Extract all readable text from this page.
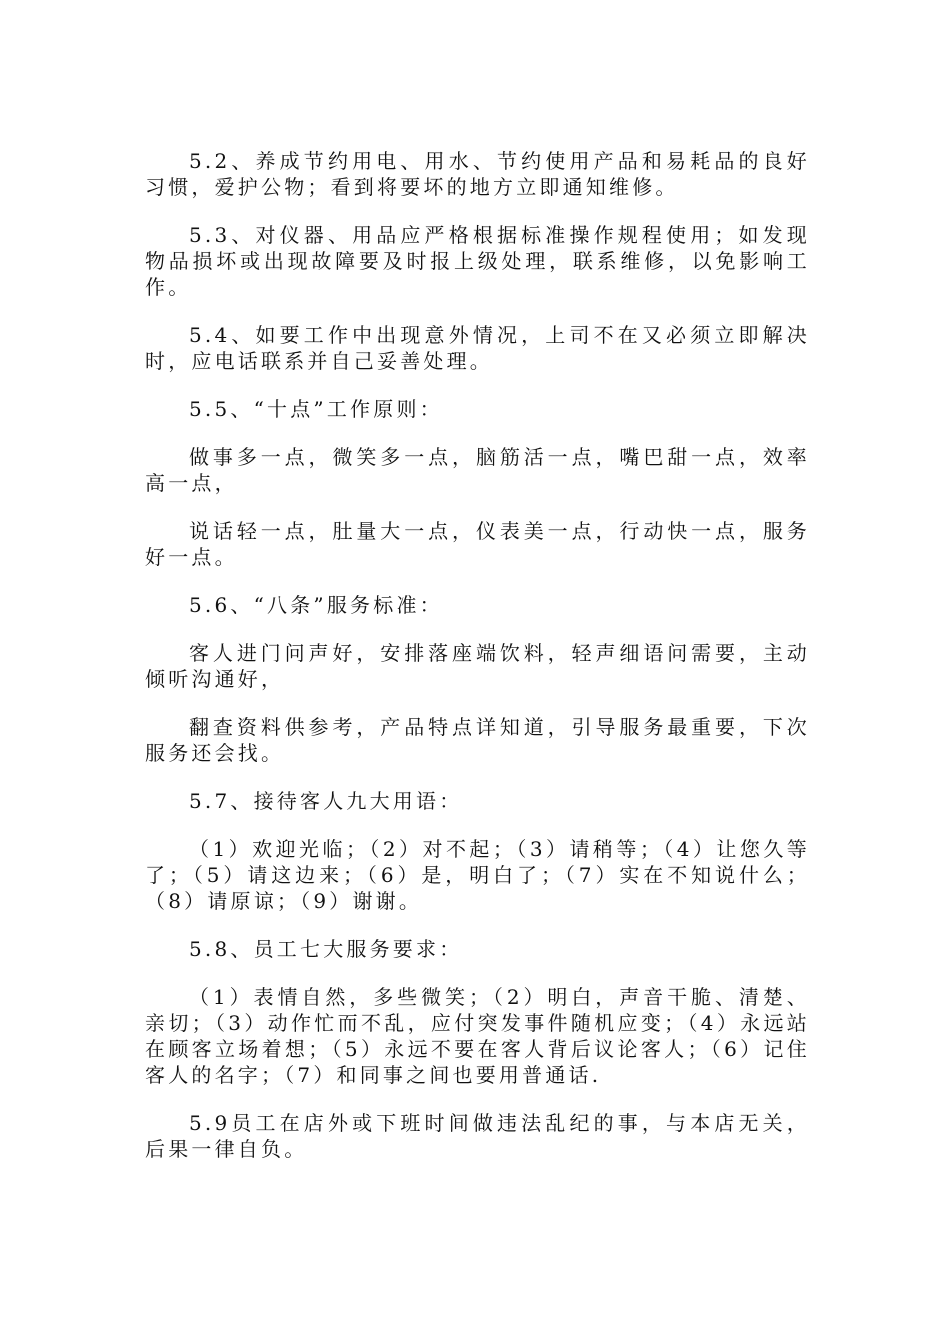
5.2、养成节约用电、用水、节约使用产品和易耗品的良好习惯，爱护公物；看到将要坏的地方立即通知维修。

5.3、对仪器、用品应严格根据标准操作规程使用；如发现物品损坏或出现故障要及时报上级处理，联系维修，以免影响工作。

5.4、如要工作中出现意外情况，上司不在又必须立即解决时，应电话联系并自己妥善处理。

5.5、“十点”工作原则：

做事多一点，微笑多一点，脑筋活一点，嘴巴甜一点，效率高一点，

说话轻一点，肚量大一点，仪表美一点，行动快一点，服务好一点。

5.6、“八条”服务标准：

客人进门问声好，安排落座端饮料，轻声细语问需要，主动倾听沟通好，

翻查资料供参考，产品特点详知道，引导服务最重要，下次服务还会找。

5.7、接待客人九大用语：

（1）欢迎光临；（2）对不起；（3）请稍等；（4）让您久等了；（5）请这边来；（6）是，明白了；（7）实在不知说什么；（8）请原谅；（9）谢谢。

5.8、员工七大服务要求：

（1）表情自然，多些微笑；（2）明白，声音干脆、清楚、亲切；（3）动作忙而不乱，应付突发事件随机应变；（4）永远站在顾客立场着想；（5）永远不要在客人背后议论客人；（6）记住客人的名字；（7）和同事之间也要用普通话.

5.9员工在店外或下班时间做违法乱纪的事，与本店无关，后果一律自负。
